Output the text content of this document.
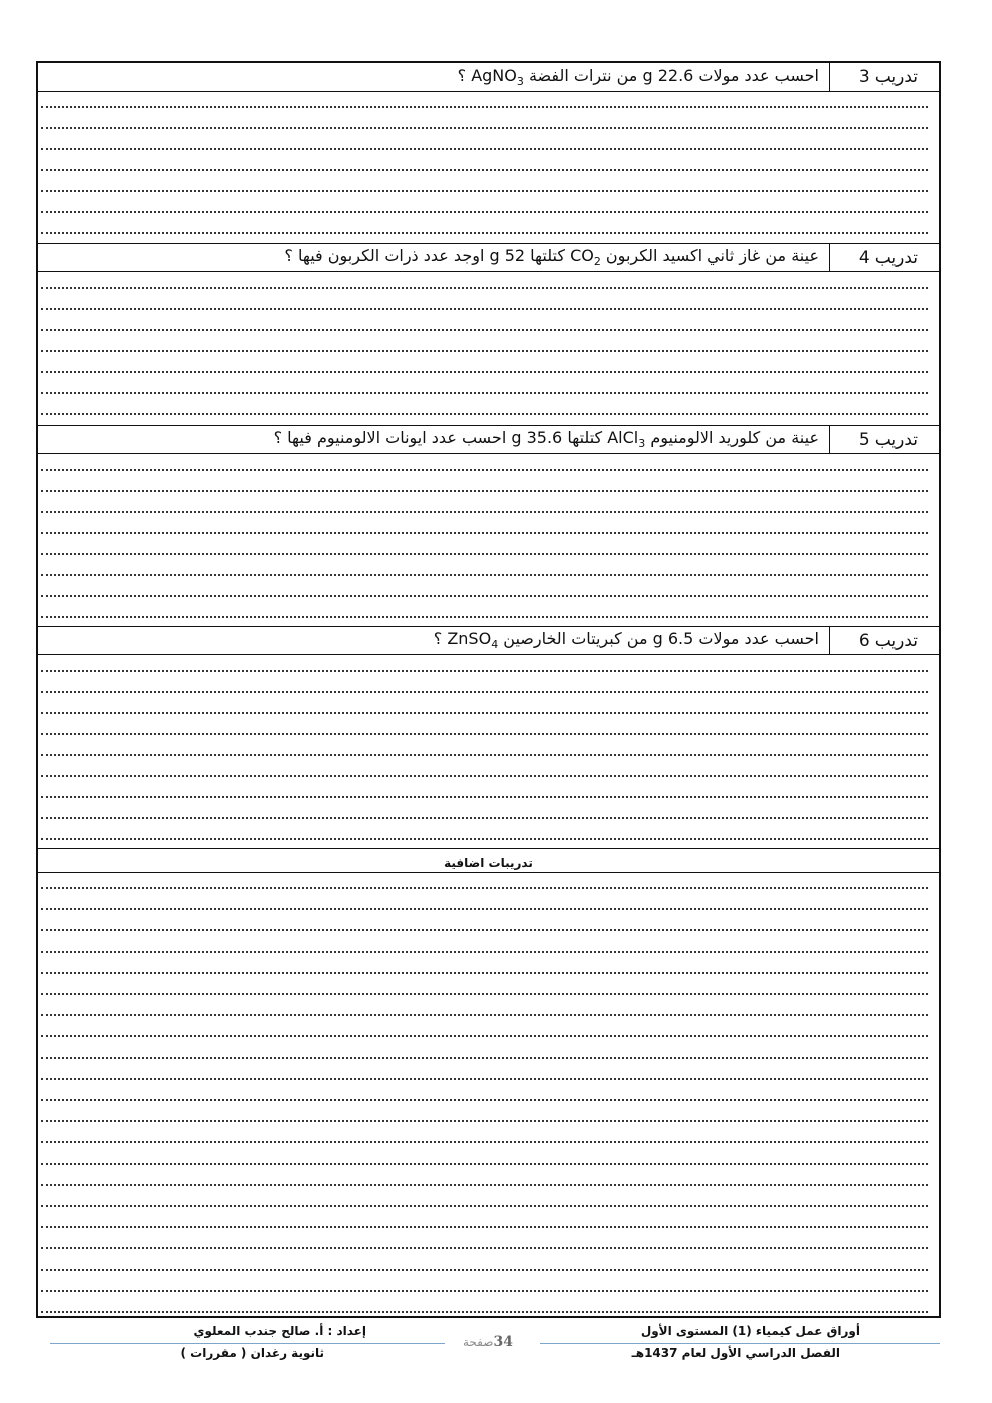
تدريب
3
احسب عدد مولات 22.6 g من نترات الفضة AgNO$_3$ ؟
تدريب
4
عينة من غاز ثاني اكسيد الكربون $CO_2$ كتلتها 52 g اوجد عدد ذرات الكربون فيها ؟
تدريب
5
عينة من كلوريد الالومنيوم AlCl$_3$ كتلتها 35.6 g احسب عدد ايونات الالومنيوم فيها ؟
تدريب
6
احسب عدد مولات 6.5 g من كبريتات الخارصين ZnSO$_4$ ؟
تدريبات اضافية
إعداد : أ. صالح جندب المعلوي
ثانوية رغدان ( مقررات )
أوراق عمل كيمياء (1) المستوى الأول
الفصل الدراسي الأول لعام 1437هـ
34صفحة
